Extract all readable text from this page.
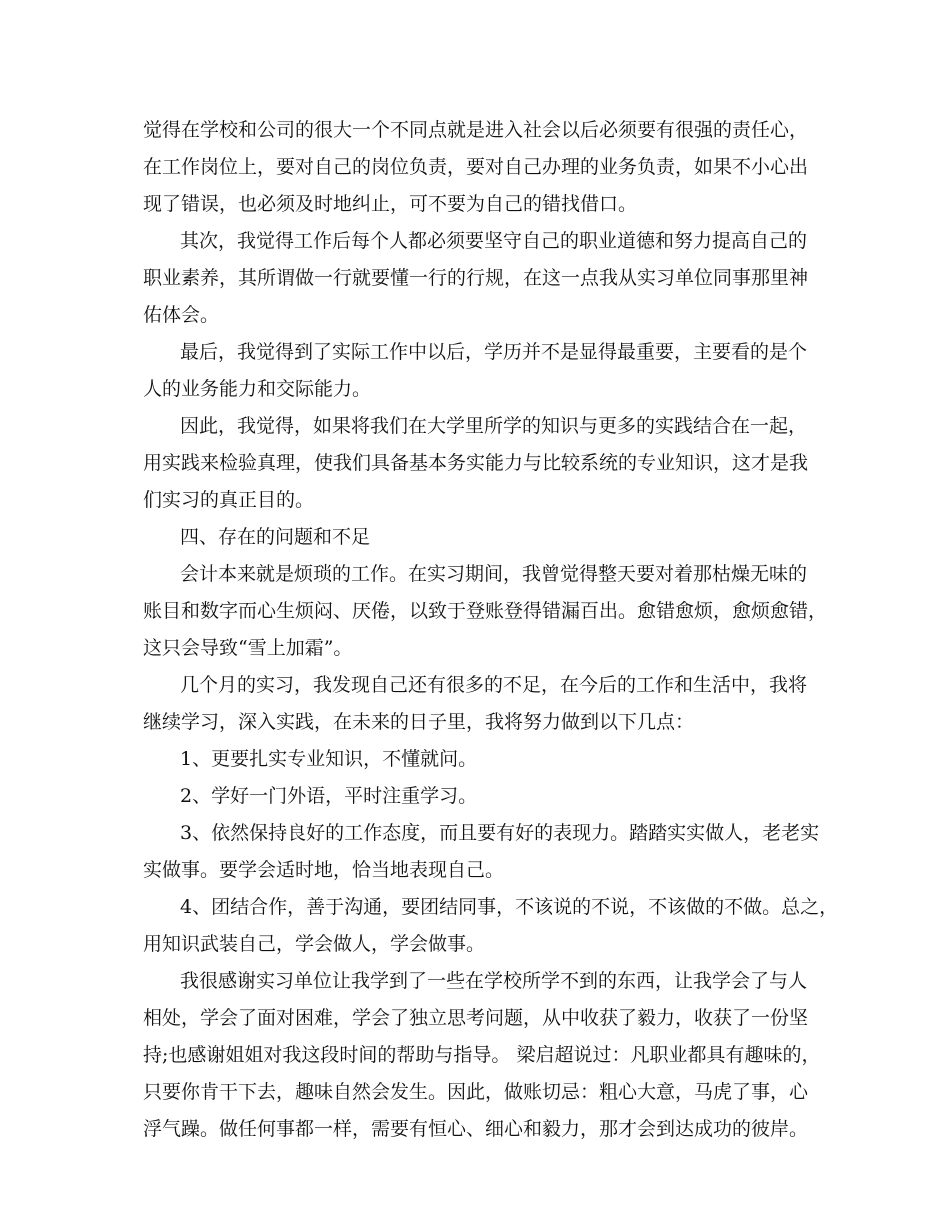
觉得在学校和公司的很大一个不同点就是进入社会以后必须要有很强的责任心，
在工作岗位上，要对自己的岗位负责，要对自己办理的业务负责，如果不小心出
现了错误，也必须及时地纠止，可不要为自己的错找借口。
其次，我觉得工作后每个人都必须要坚守自己的职业道德和努力提高自己的
职业素养，其所谓做一行就要懂一行的行规，在这一点我从实习单位同事那里神
佑体会。
最后，我觉得到了实际工作中以后，学历并不是显得最重要，主要看的是个
人的业务能力和交际能力。
因此，我觉得，如果将我们在大学里所学的知识与更多的实践结合在一起，
用实践来检验真理，使我们具备基本务实能力与比较系统的专业知识，这才是我
们实习的真正目的。
四、存在的问题和不足
会计本来就是烦琐的工作。在实习期间，我曾觉得整天要对着那枯燥无味的
账目和数字而心生烦闷、厌倦，以致于登账登得错漏百出。愈错愈烦，愈烦愈错，
这只会导致“雪上加霜”。
几个月的实习，我发现自己还有很多的不足，在今后的工作和生活中，我将
继续学习，深入实践，在未来的日子里，我将努力做到以下几点：
1、更要扎实专业知识，不懂就问。
2、学好一门外语，平时注重学习。
3、依然保持良好的工作态度，而且要有好的表现力。踏踏实实做人，老老实
实做事。要学会适时地，恰当地表现自己。
4、团结合作，善于沟通，要团结同事，不该说的不说，不该做的不做。总之，
用知识武装自己，学会做人，学会做事。
我很感谢实习单位让我学到了一些在学校所学不到的东西，让我学会了与人
相处，学会了面对困难，学会了独立思考问题，从中收获了毅力，收获了一份坚
持;也感谢姐姐对我这段时间的帮助与指导。 梁启超说过：凡职业都具有趣味的，
只要你肯干下去，趣味自然会发生。因此，做账切忌：粗心大意，马虎了事，心
浮气躁。做任何事都一样，需要有恒心、细心和毅力，那才会到达成功的彼岸。
